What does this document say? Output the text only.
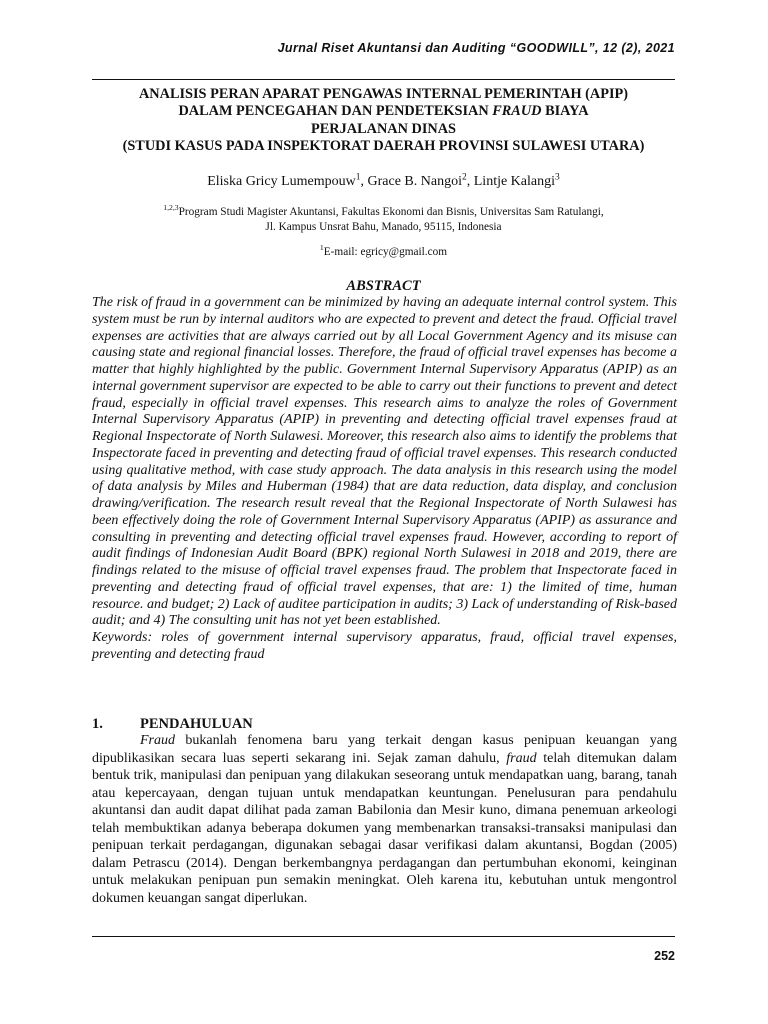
Jurnal Riset Akuntansi dan Auditing “GOODWILL”, 12 (2), 2021
ANALISIS PERAN APARAT PENGAWAS INTERNAL PEMERINTAH (APIP)
DALAM PENCEGAHAN DAN PENDETEKSIAN FRAUD BIAYA
PERJALANAN DINAS
(STUDI KASUS PADA INSPEKTORAT DAERAH PROVINSI SULAWESI UTARA)
Eliska Gricy Lumempouw$^1$, Grace B. Nangoi$^2$, Lintje Kalangi$^3$
$^{1,2,3}$Program Studi Magister Akuntansi, Fakultas Ekonomi dan Bisnis, Universitas Sam Ratulangi,
Jl. Kampus Unsrat Bahu, Manado, 95115, Indonesia
$^1$E-mail: egricy@gmail.com
ABSTRACT

The risk of fraud in a government can be minimized by having an adequate internal control system. This system must be run by internal auditors who are expected to prevent and detect the fraud. Official travel expenses are activities that are always carried out by all Local Government Agency and its misuse can causing state and regional financial losses. Therefore, the fraud of official travel expenses has become a matter that highly highlighted by the public. Government Internal Supervisory Apparatus (APIP) as an internal government supervisor are expected to be able to carry out their functions to prevent and detect fraud, especially in official travel expenses. This research aims to analyze the roles of Government Internal Supervisory Apparatus (APIP) in preventing and detecting official travel expenses fraud at Regional Inspectorate of North Sulawesi. Moreover, this research also aims to identify the problems that Inspectorate faced in preventing and detecting fraud of official travel expenses. This research conducted using qualitative method, with case study approach. The data analysis in this research using the model of data analysis by Miles and Huberman (1984) that are data reduction, data display, and conclusion drawing/verification. The research result reveal that the Regional Inspectorate of North Sulawesi has been effectively doing the role of Government Internal Supervisory Apparatus (APIP) as assurance and consulting in preventing and detecting official travel expenses fraud. However, according to report of audit findings of Indonesian Audit Board (BPK) regional North Sulawesi in 2018 and 2019, there are findings related to the misuse of official travel expenses fraud. The problem that Inspectorate faced in preventing and detecting fraud of official travel expenses, that are: 1) the limited of time, human resource. and budget; 2) Lack of auditee participation in audits; 3) Lack of understanding of Risk-based audit; and 4) The consulting unit has not yet been established.

Keywords: roles of government internal supervisory apparatus, fraud, official travel expenses, preventing and detecting fraud

1.	PENDAHULUAN

Fraud bukanlah fenomena baru yang terkait dengan kasus penipuan keuangan yang dipublikasikan secara luas seperti sekarang ini. Sejak zaman dahulu, fraud telah ditemukan dalam bentuk trik, manipulasi dan penipuan yang dilakukan seseorang untuk mendapatkan uang, barang, tanah atau kepercayaan, dengan tujuan untuk mendapatkan keuntungan. Penelusuran para pendahulu akuntansi dan audit dapat dilihat pada zaman Babilonia dan Mesir kuno, dimana penemuan arkeologi telah membuktikan adanya beberapa dokumen yang membenarkan transaksi-transaksi manipulasi dan penipuan terkait perdagangan, digunakan sebagai dasar verifikasi dalam akuntansi, Bogdan (2005) dalam Petrascu (2014). Dengan berkembangnya perdagangan dan pertumbuhan ekonomi, keinginan untuk melakukan penipuan pun semakin meningkat. Oleh karena itu, kebutuhan untuk mengontrol dokumen keuangan sangat diperlukan.

252
